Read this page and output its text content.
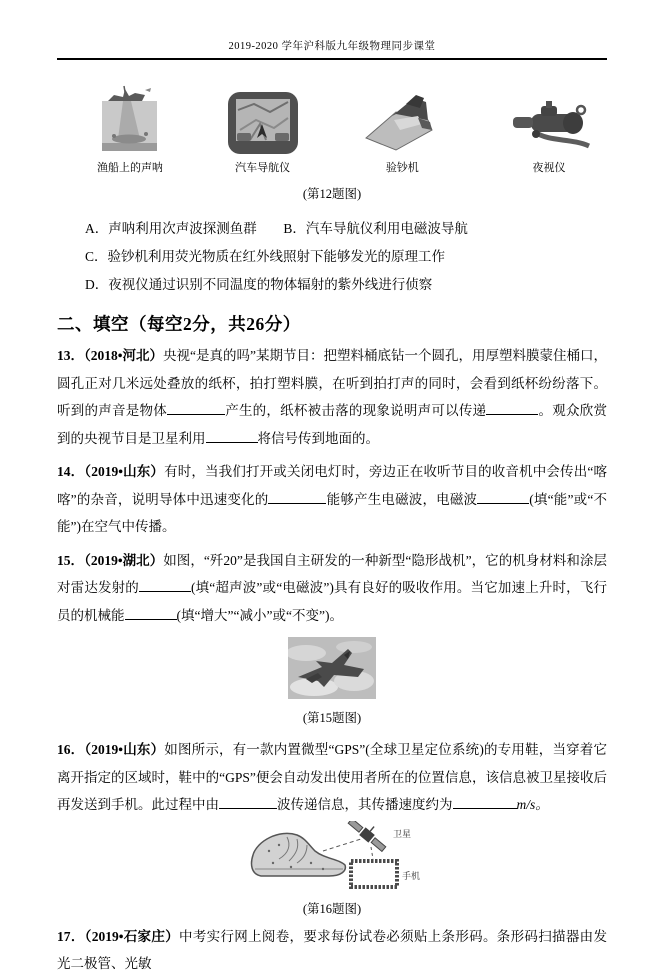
2019-2020 学年沪科版九年级物理同步课堂
渔船上的声呐	汽车导航仪	验钞机	夜视仪
(第12题图)
A．声呐利用次声波探测鱼群 B．汽车导航仪利用电磁波导航
C．验钞机利用荧光物质在红外线照射下能够发光的原理工作
D．夜视仪通过识别不同温度的物体辐射的紫外线进行侦察
二、填空（每空2分，共26分）

13．（2018•河北）央视“是真的吗”某期节目：把塑料桶底钻一个圆孔，用厚塑料膜蒙住桶口，圆孔正对几米远处叠放的纸杯，拍打塑料膜，在听到拍打声的同时，会看到纸杯纷纷落下。听到的声音是物体	产生的，纸杯被击落的现象说明声可以传递	。观众欣赏到的央视节目是卫星利用	将信号传到地面的。

14．（2019•山东）有时，当我们打开或关闭电灯时，旁边正在收听节目的收音机中会传出“喀喀”的杂音，说明导体中迅速变化的	能够产生电磁波，电磁波	(填“能”或“不能”)在空气中传播。

15．（2019•湖北）如图，“歼20”是我国自主研发的一种新型“隐形战机”，它的机身材料和涂层对雷达发射的	(填“超声波”或“电磁波”)具有良好的吸收作用。当它加速上升时，飞行员的机械能	(填“增大”“减小”或“不变”)。

(第15题图)

16．（2019•山东）如图所示，有一款内置微型“GPS”(全球卫星定位系统)的专用鞋，当穿着它离开指定的区域时，鞋中的“GPS”便会自动发出使用者所在的位置信息，该信息被卫星接收后再发送到手机。此过程中由	波传递信息，其传播速度约为	m/s。

卫星
手机
(第16题图)

17．（2019•石家庄）中考实行网上阅卷，要求每份试卷必须贴上条形码。条形码扫描器由发光二极管、光敏
